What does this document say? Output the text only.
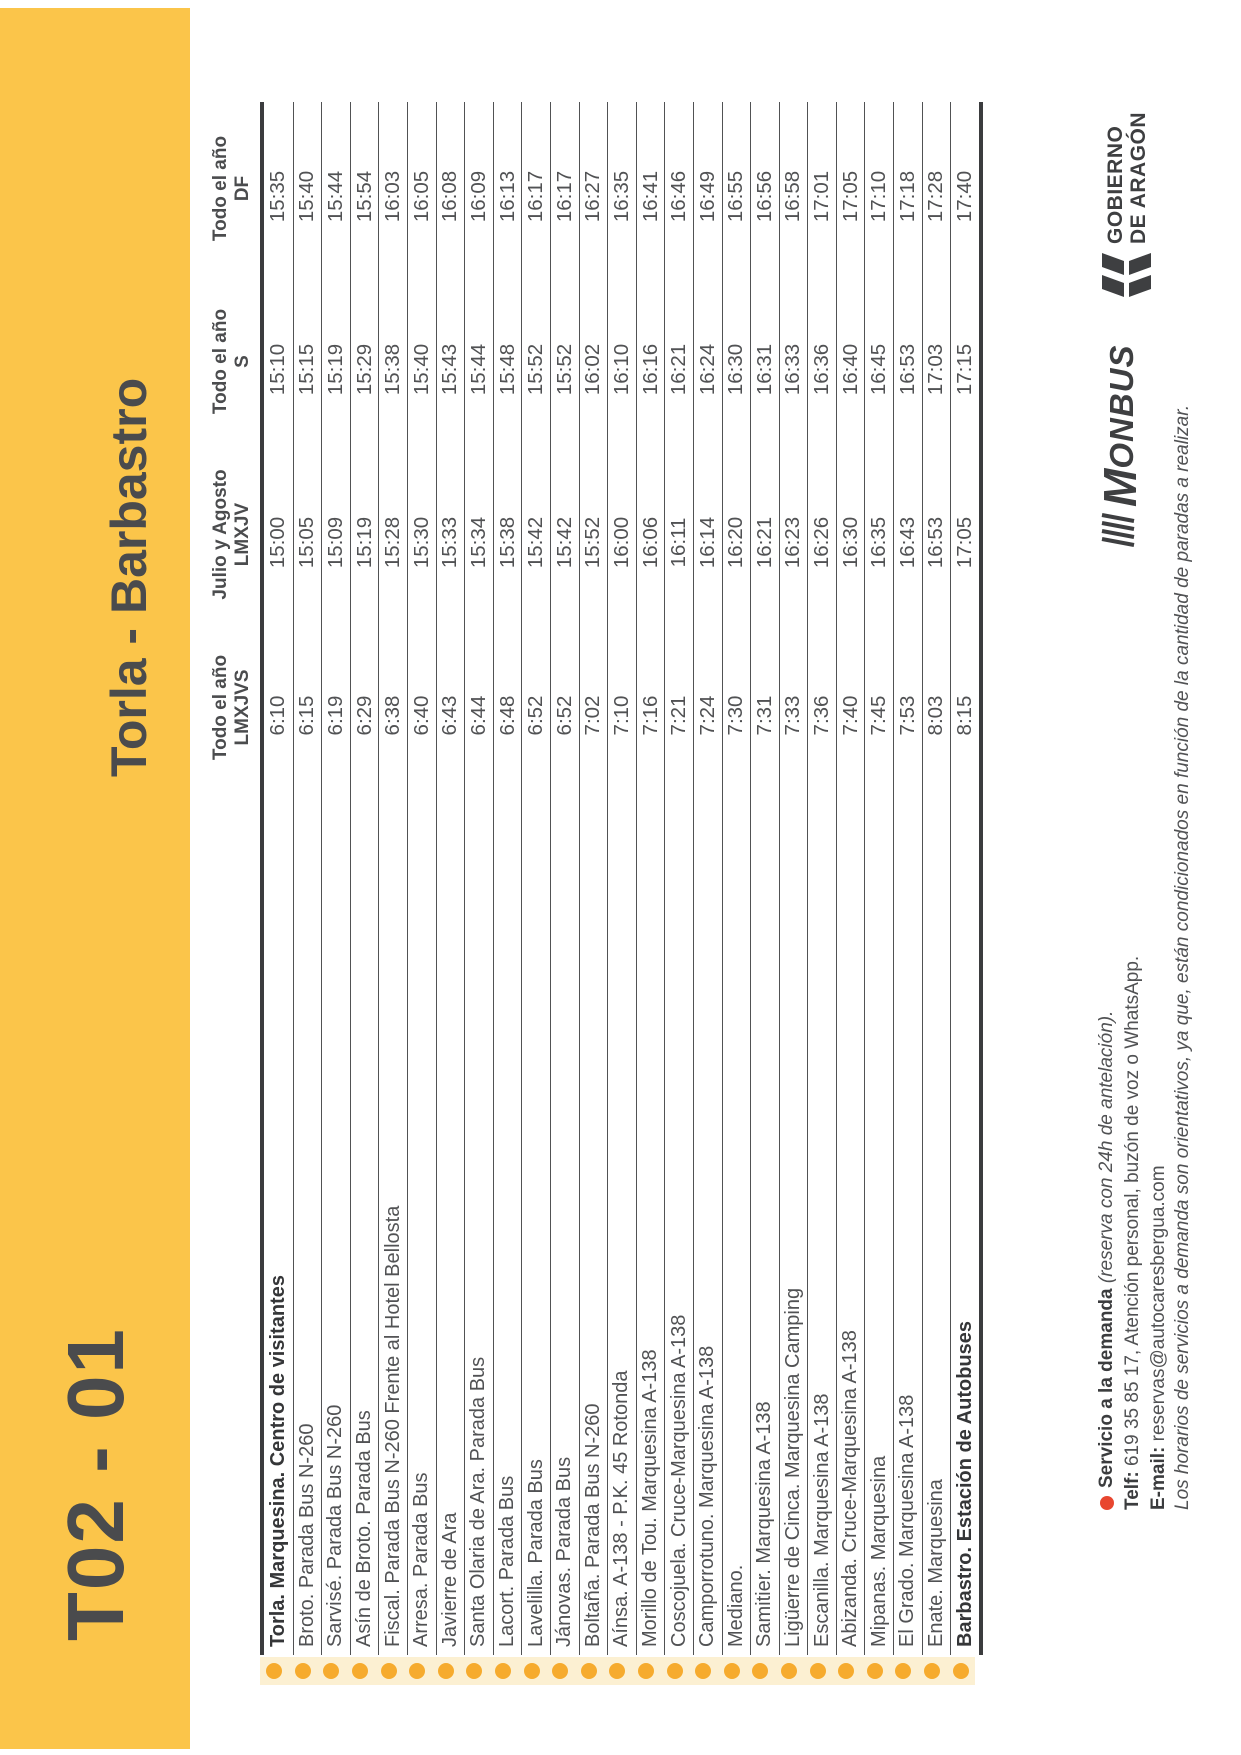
T02 - 01
Torla - Barbastro	Todo el año LMXJVS
Julio y Agosto LMXJV
Todo el año S
Todo el año DF
Torla. Marquesina. Centro de visitantes
6:10
15:00
15:10
15:35
Broto. Parada Bus N-260
6:15
15:05
15:15
15:40
Sarvisé. Parada Bus N-260
6:19
15:09
15:19
15:44
Asín de Broto. Parada Bus
6:29
15:19
15:29
15:54
Fiscal. Parada Bus N-260 Frente al Hotel Bellosta
6:38
15:28
15:38
16:03
Arresa. Parada Bus
6:40
15:30
15:40
16:05
Javierre de Ara
6:43
15:33
15:43
16:08
Santa Olaria de Ara. Parada Bus
6:44
15:34
15:44
16:09
Lacort. Parada Bus
6:48
15:38
15:48
16:13
Lavelilla. Parada Bus
6:52
15:42
15:52
16:17
Jánovas. Parada Bus
6:52
15:42
15:52
16:17
Boltaña. Parada Bus N-260
7:02
15:52
16:02
16:27
Aínsa. A-138 - P.K. 45 Rotonda
7:10
16:00
16:10
16:35
Morillo de Tou. Marquesina A-138
7:16
16:06
16:16
16:41
Coscojuela. Cruce-Marquesina A-138
7:21
16:11
16:21
16:46
Camporrotuno. Marquesina A-138
7:24
16:14
16:24
16:49
Mediano.
7:30
16:20
16:30
16:55
Samitier. Marquesina A-138
7:31
16:21
16:31
16:56
Ligüerre de Cinca. Marquesina Camping
7:33
16:23
16:33
16:58
Escanilla. Marquesina A-138
7:36
16:26
16:36
17:01
Abizanda. Cruce-Marquesina A-138
7:40
16:30
16:40
17:05
Mipanas. Marquesina
7:45
16:35
16:45
17:10
El Grado. Marquesina A-138
7:53
16:43
16:53
17:18
Enate. Marquesina
8:03
16:53
17:03
17:28
Barbastro. Estación de Autobuses
8:15
17:05
17:15
17:40
Servicio a la demanda (reserva con 24h de antelación).
Telf: 619 35 85 17, Atención personal, buzón de voz o WhatsApp.
E-mail: reservas@autocaresbergua.com Los horarios de servicios a demanda son orientativos, ya que, están condicionados en función de la cantidad de paradas a realizar.
M
ONBUS
GOBIERNO DE ARAGÓN
